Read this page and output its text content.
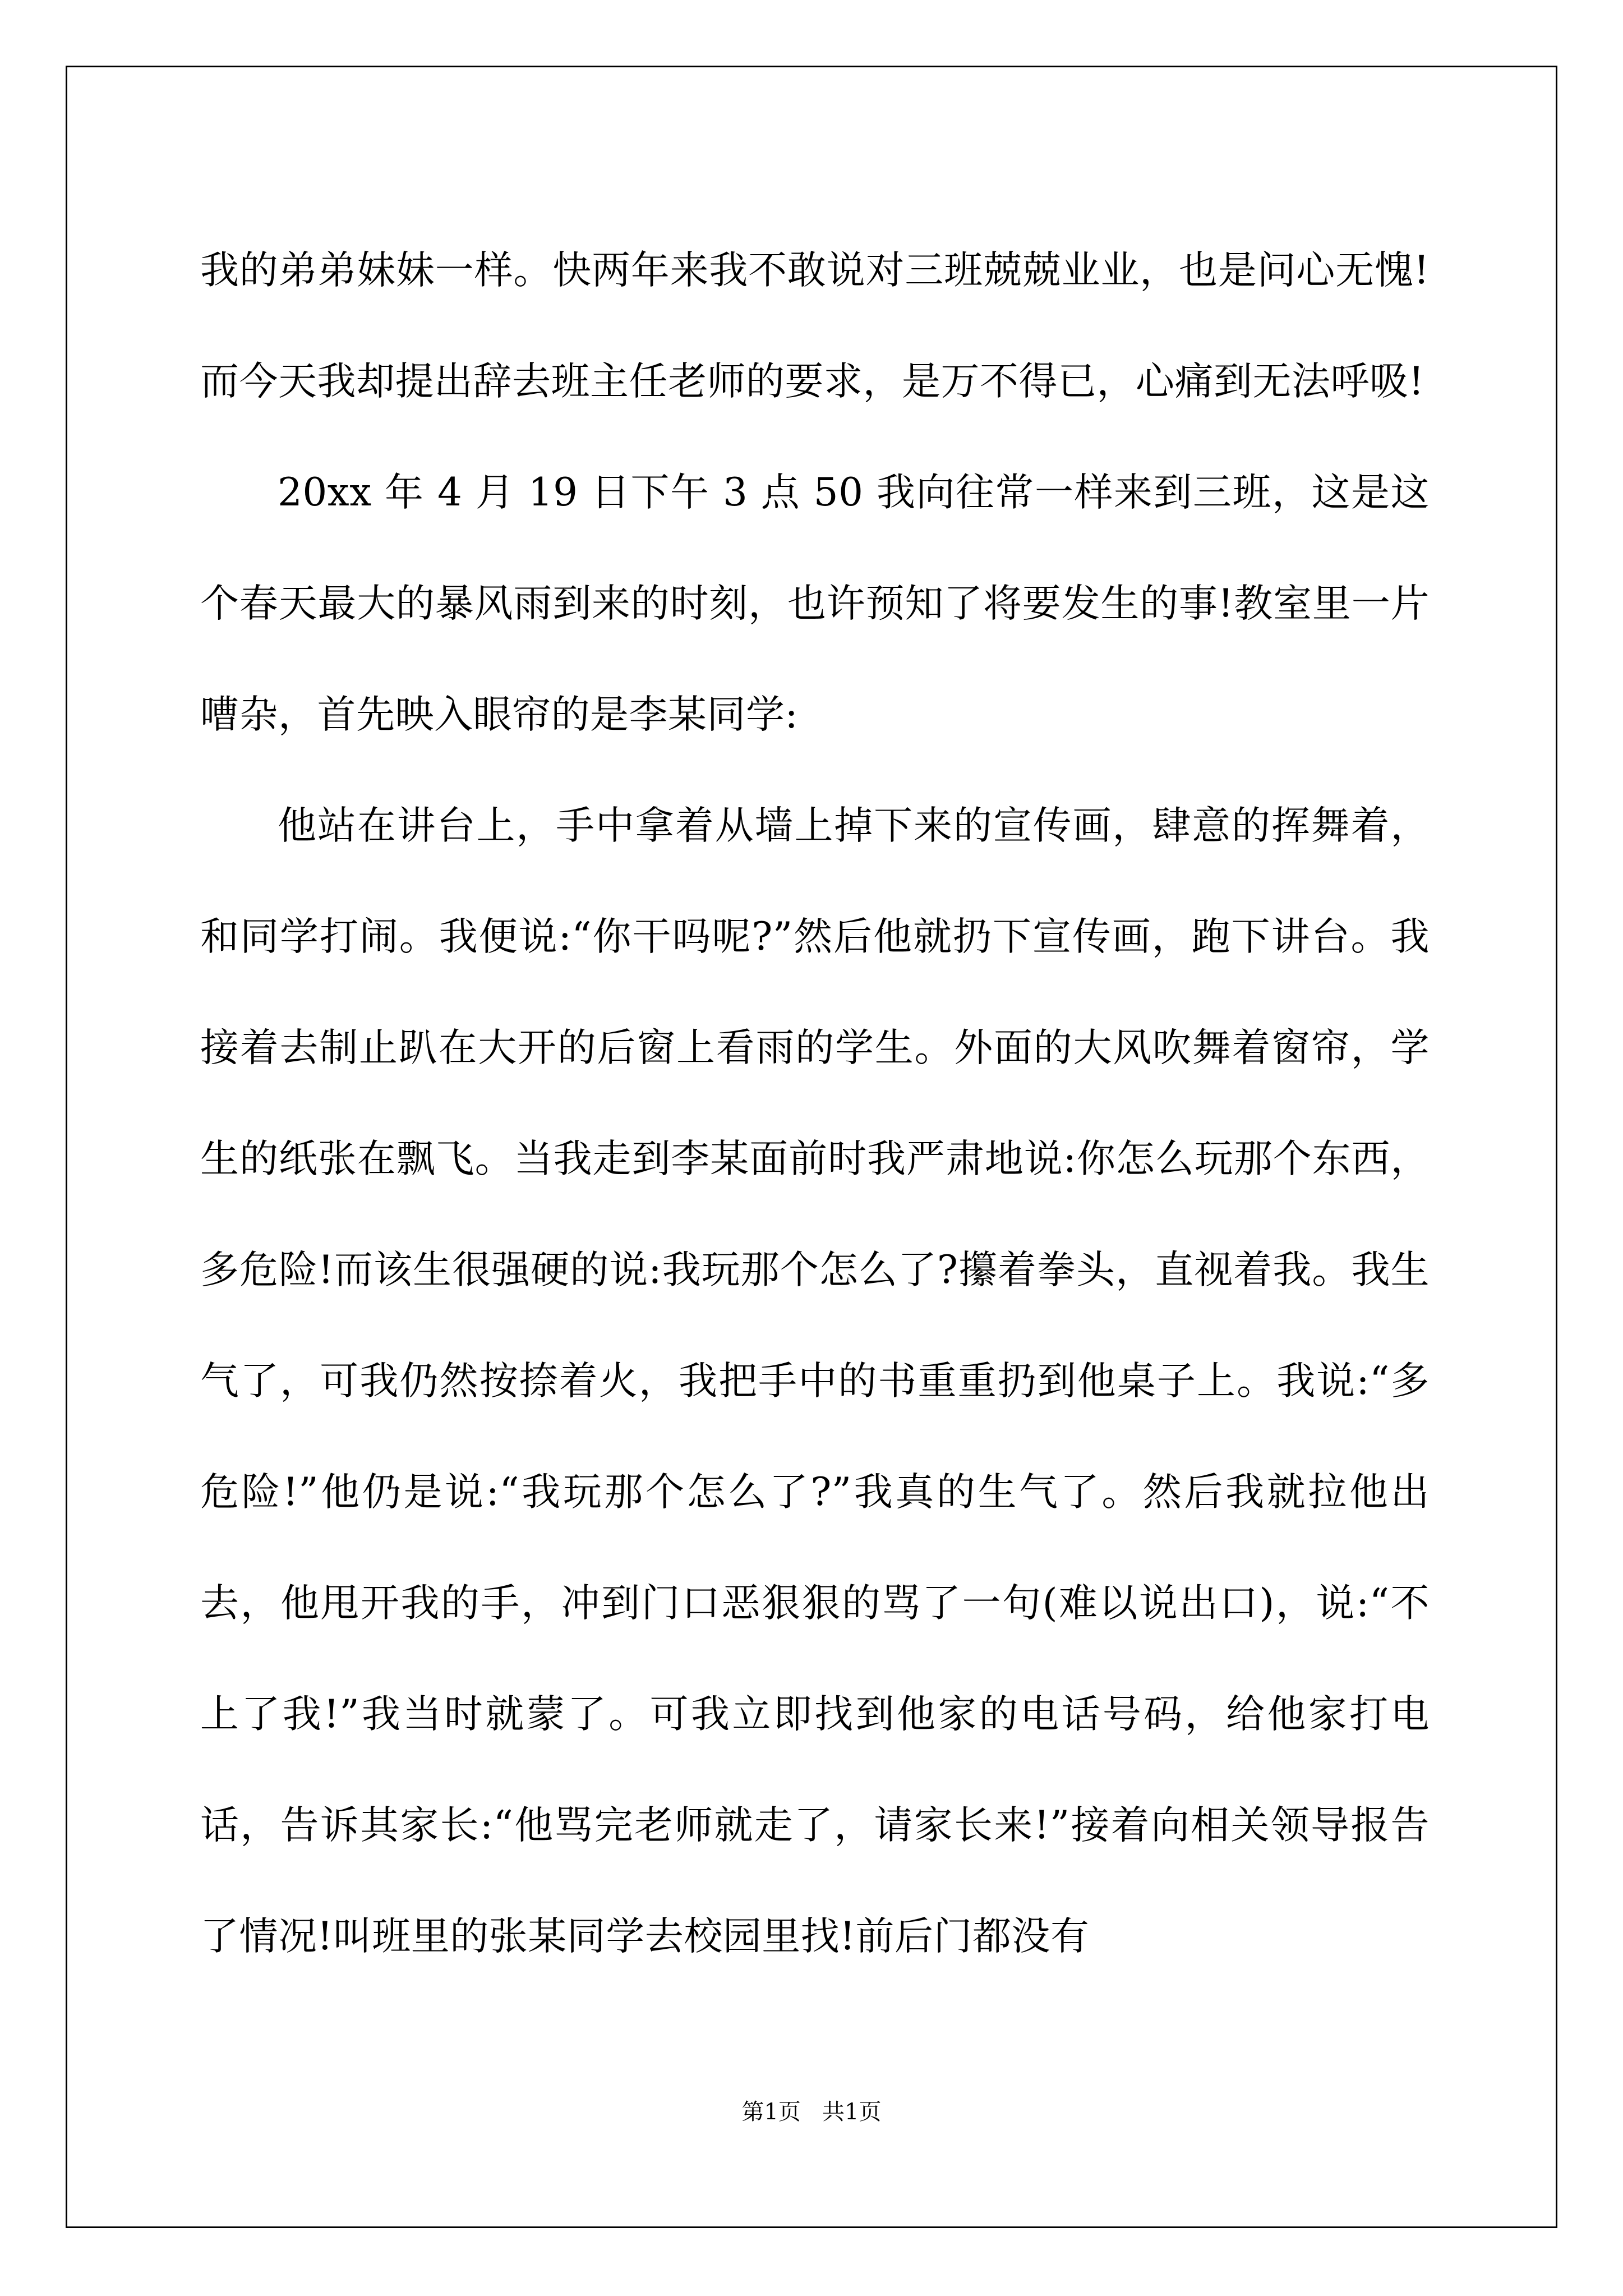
我的弟弟妹妹一样。快两年来我不敢说对三班兢兢业业，也是问心无愧!而今天我却提出辞去班主任老师的要求，是万不得已，心痛到无法呼吸!

20xx 年 4 月 19 日下午 3 点 50 我向往常一样来到三班，这是这个春天最大的暴风雨到来的时刻，也许预知了将要发生的事!教室里一片嘈杂，首先映入眼帘的是李某同学:

他站在讲台上，手中拿着从墙上掉下来的宣传画，肆意的挥舞着，和同学打闹。我便说:“你干吗呢?”然后他就扔下宣传画，跑下讲台。我接着去制止趴在大开的后窗上看雨的学生。外面的大风吹舞着窗帘，学生的纸张在飘飞。当我走到李某面前时我严肃地说:你怎么玩那个东西，多危险!而该生很强硬的说:我玩那个怎么了?攥着拳头，直视着我。我生气了，可我仍然按捺着火，我把手中的书重重扔到他桌子上。我说:“多危险!”他仍是说:“我玩那个怎么了?”我真的生气了。然后我就拉他出去，他甩开我的手，冲到门口恶狠狠的骂了一句(难以说出口)，说:“不上了我!”我当时就蒙了。可我立即找到他家的电话号码，给他家打电话，告诉其家长:“他骂完老师就走了，请家长来!”接着向相关领导报告了情况!叫班里的张某同学去校园里找!前后门都没有

第1页   共1页
